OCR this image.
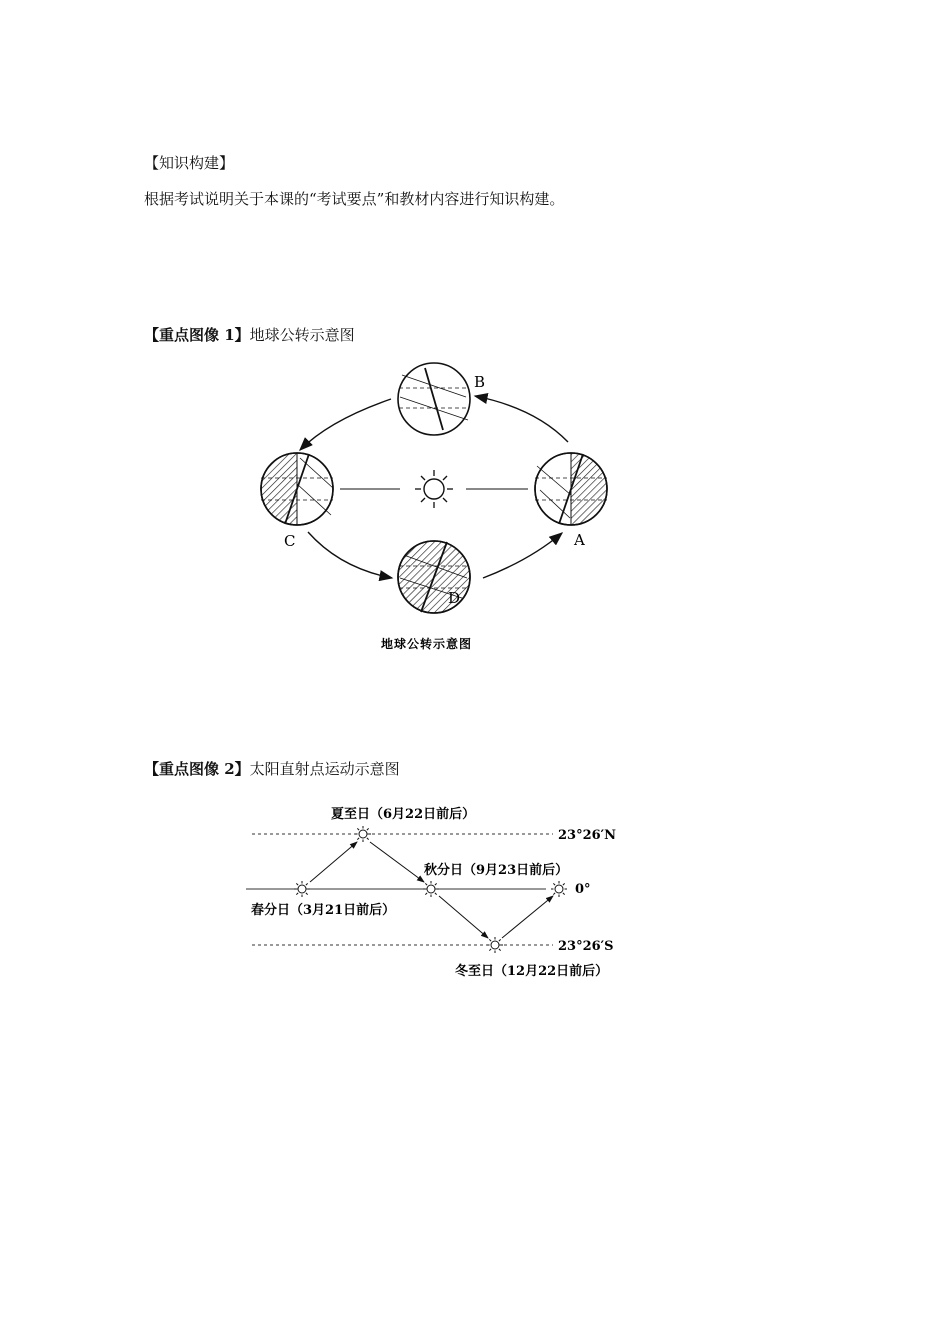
【知识构建】
根据考试说明关于本课的“考试要点”和教材内容进行知识构建。
【重点图像 1】地球公转示意图
B
C	A
D
地球公转示意图
【重点图像 2】太阳直射点运动示意图
夏至日（6月22日前后）
秋分日（9月23日前后）
春分日（3月21日前后）
冬至日（12月22日前后）
23°26′N
0°
23°26′S
